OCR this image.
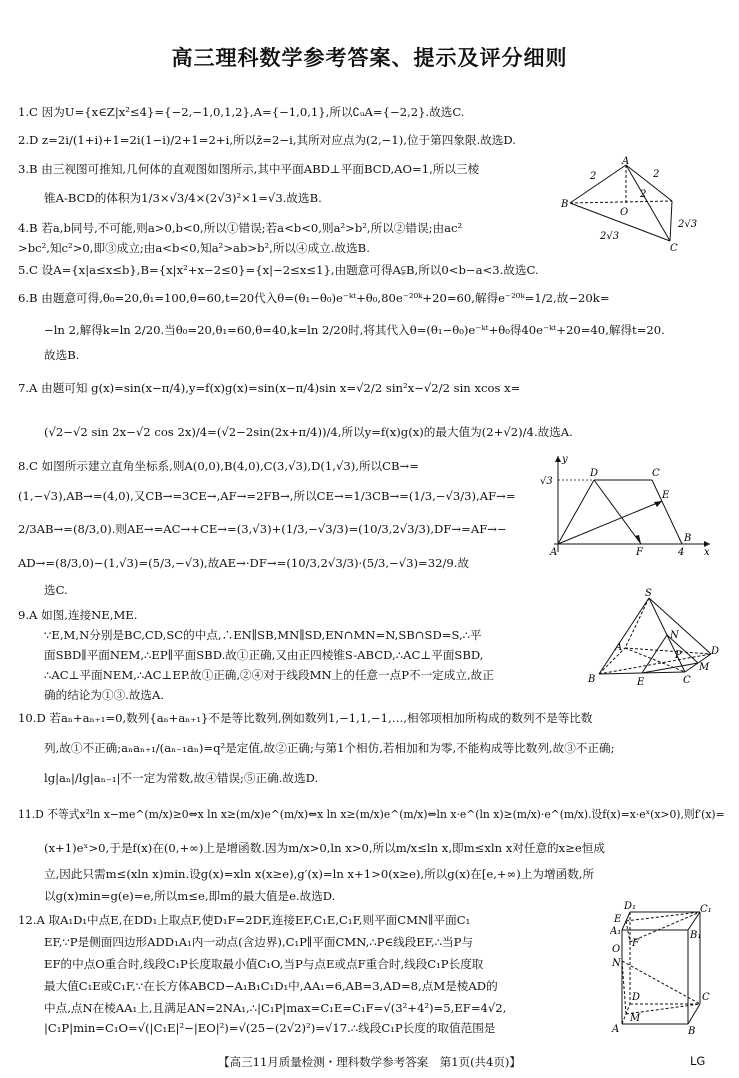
高三理科数学参考答案、提示及评分细则
1.C 因为U={x∈Z|x²≤4}={−2,−1,0,1,2},A={−1,0,1},所以∁ᵤA={−2,2}.故选C.
2.D z=2i/(1+i)+1=2i(1−i)/2+1=2+i,所以z̄=2−i,其所对应点为(2,−1),位于第四象限.故选D.
3.B 由三视图可推知,几何体的直观图如图所示,其中平面ABD⊥平面BCD,AO=1,所以三棱
锥A-BCD的体积为1/3×√3/4×(2√3)²×1=√3.故选B.
4.B 若a,b同号,不可能,则a>0,b<0,所以①错误;若a<b<0,则a²>b²,所以②错误;由ac²
>bc²,知c²>0,即③成立;由a<b<0,知a²>ab>b²,所以④成立.故选B.
5.C 设A={x|a≤x≤b},B={x|x²+x−2≤0}={x|−2≤x≤1},由题意可得A⫋B,所以0<b−a<3.故选C.
6.B 由题意可得,θ₀=20,θ₁=100,θ=60,t=20代入θ=(θ₁−θ₀)e⁻ᵏᵗ+θ₀,80e⁻²⁰ᵏ+20=60,解得e⁻²⁰ᵏ=1/2,故−20k=
−ln 2,解得k=ln 2/20.当θ₀=20,θ₁=60,θ=40,k=ln 2/20时,将其代入θ=(θ₁−θ₀)e⁻ᵏᵗ+θ₀得40e⁻ᵏᵗ+20=40,解得t=20.
故选B.
7.A 由题可知 g(x)=sin(x−π/4),y=f(x)g(x)=sin(x−π/4)sin x=√2/2 sin²x−√2/2 sin xcos x=
(√2−√2 sin 2x−√2 cos 2x)/4=(√2−2sin(2x+π/4))/4,所以y=f(x)g(x)的最大值为(2+√2)/4.故选A.
8.C 如图所示建立直角坐标系,则A(0,0),B(4,0),C(3,√3),D(1,√3),所以CB→=
(1,−√3),AB→=(4,0),又CB→=3CE→,AF→=2FB→,所以CE→=1/3CB→=(1/3,−√3/3),AF→=
2/3AB→=(8/3,0).则AE→=AC→+CE→=(3,√3)+(1/3,−√3/3)=(10/3,2√3/3),DF→=AF→−
AD→=(8/3,0)−(1,√3)=(5/3,−√3),故AE→·DF→=(10/3,2√3/3)·(5/3,−√3)=32/9.故
选C.
9.A 如图,连接NE,ME.
∵E,M,N分别是BC,CD,SC的中点,∴EN∥SB,MN∥SD,EN∩MN=N,SB∩SD=S,∴平
面SBD∥平面NEM,∴EP∥平面SBD.故①正确,又由正四棱锥S-ABCD,∴AC⊥平面SBD,
∴AC⊥平面NEM,∴AC⊥EP.故①正确,②④对于线段MN上的任意一点P不一定成立,故正
确的结论为①③.故选A.
10.D 若aₙ+aₙ₊₁=0,数列{aₙ+aₙ₊₁}不是等比数列,例如数列1,−1,1,−1,…,相邻项相加所构成的数列不是等比数
列,故①不正确;aₙaₙ₊₁/(aₙ₋₁aₙ)=q²是定值,故②正确;与第1个相仿,若相加和为零,不能构成等比数列,故③不正确;
lg|aₙ|/lg|aₙ₋₁|不一定为常数,故④错误;⑤正确.故选D.
11.D 不等式x²ln x−me^(m/x)≥0⇔x ln x≥(m/x)e^(m/x)⇔x ln x≥(m/x)e^(m/x)⇔ln x·e^(ln x)≥(m/x)·e^(m/x).设f(x)=x·eˣ(x>0),则f′(x)=
(x+1)eˣ>0,于是f(x)在(0,+∞)上是增函数.因为m/x>0,ln x>0,所以m/x≤ln x,即m≤xln x对任意的x≥e恒成
立,因此只需m≤(xln x)min.设g(x)=xln x(x≥e),g′(x)=ln x+1>0(x≥e),所以g(x)在[e,+∞)上为增函数,所
以g(x)min=g(e)=e,所以m≤e,即m的最大值是e.故选D.
12.A 取A₁D₁中点E,在DD₁上取点F,使D₁F=2DF,连接EF,C₁E,C₁F,则平面CMN∥平面C₁
EF,∵P是侧面四边形ADD₁A₁内一动点(含边界),C₁P∥平面CMN,∴P∈线段EF,∴当P与
EF的中点O重合时,线段C₁P长度取最小值C₁O,当P与点E或点F重合时,线段C₁P长度取
最大值C₁E或C₁F,∵在长方体ABCD−A₁B₁C₁D₁中,AA₁=6,AB=3,AD=8,点M是棱AD的
中点,点N在棱AA₁上,且满足AN=2NA₁,∴|C₁P|max=C₁E=C₁F=√(3²+4²)=5,EF=4√2,
|C₁P|min=C₁O=√(|C₁E|²−|EO|²)=√(25−(2√2)²)=√17.∴线段C₁P长度的取值范围是
A
B
C
O
2	2
2
2√3
2√3
y
x
√3
4
A
B
C
D
E
F
S
A
B	C
D
E
M
N
P
D₁	C₁
A₁	B₁
E
F
O
D	C
A	B
M
N
【高三11月质量检测・理科数学参考答案　第1页(共4页)】	LG
